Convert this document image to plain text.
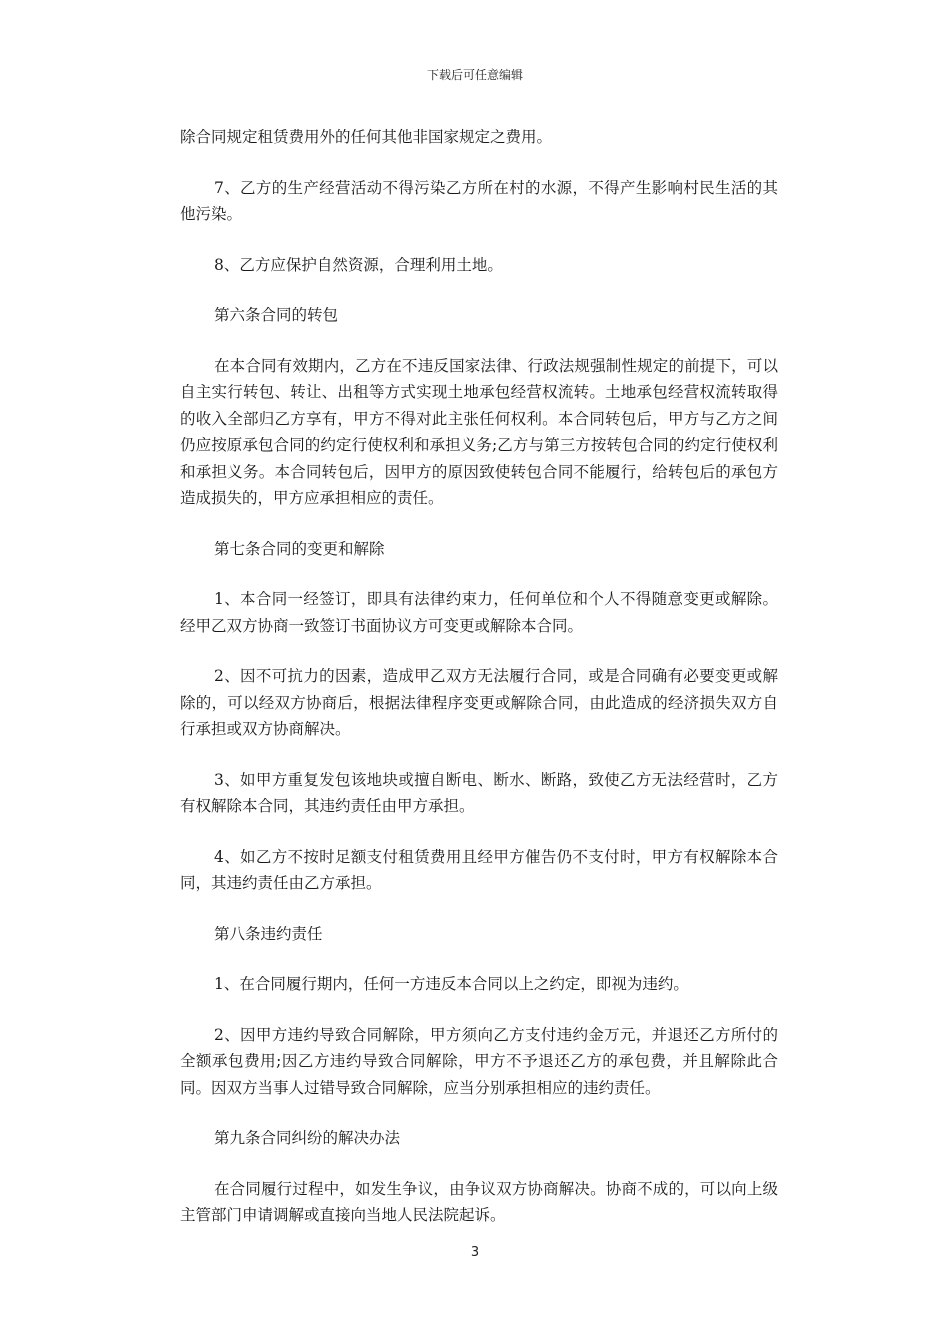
下载后可任意编辑

除合同规定租赁费用外的任何其他非国家规定之费用。

7、乙方的生产经营活动不得污染乙方所在村的水源，不得产生影响村民生活的其他污染。

8、乙方应保护自然资源，合理利用土地。

第六条合同的转包

在本合同有效期内，乙方在不违反国家法律、行政法规强制性规定的前提下，可以自主实行转包、转让、出租等方式实现土地承包经营权流转。土地承包经营权流转取得的收入全部归乙方享有，甲方不得对此主张任何权利。本合同转包后，甲方与乙方之间仍应按原承包合同的约定行使权利和承担义务;乙方与第三方按转包合同的约定行使权利和承担义务。本合同转包后，因甲方的原因致使转包合同不能履行，给转包后的承包方造成损失的，甲方应承担相应的责任。

第七条合同的变更和解除

1、本合同一经签订，即具有法律约束力，任何单位和个人不得随意变更或解除。经甲乙双方协商一致签订书面协议方可变更或解除本合同。

2、因不可抗力的因素，造成甲乙双方无法履行合同，或是合同确有必要变更或解除的，可以经双方协商后，根据法律程序变更或解除合同，由此造成的经济损失双方自行承担或双方协商解决。

3、如甲方重复发包该地块或擅自断电、断水、断路，致使乙方无法经营时，乙方有权解除本合同，其违约责任由甲方承担。

4、如乙方不按时足额支付租赁费用且经甲方催告仍不支付时，甲方有权解除本合同，其违约责任由乙方承担。

第八条违约责任

1、在合同履行期内，任何一方违反本合同以上之约定，即视为违约。

2、因甲方违约导致合同解除，甲方须向乙方支付违约金万元，并退还乙方所付的全额承包费用;因乙方违约导致合同解除，甲方不予退还乙方的承包费，并且解除此合同。因双方当事人过错导致合同解除，应当分别承担相应的违约责任。

第九条合同纠纷的解决办法

在合同履行过程中，如发生争议，由争议双方协商解决。协商不成的，可以向上级主管部门申请调解或直接向当地人民法院起诉。

3
